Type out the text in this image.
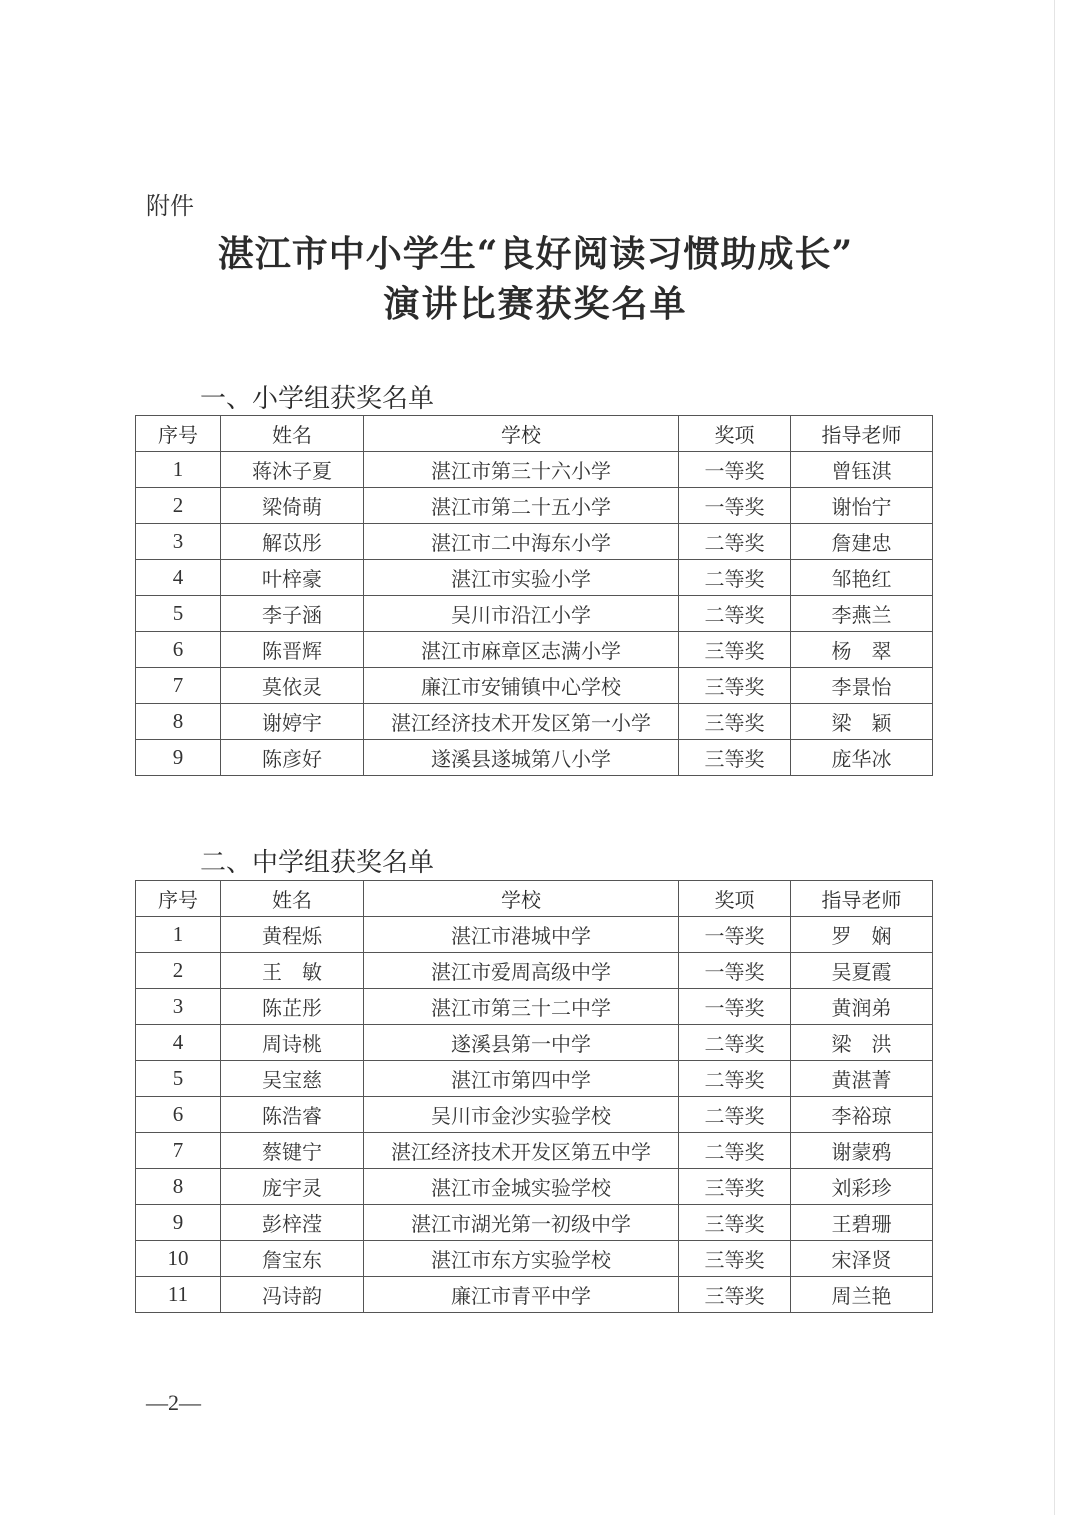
附件
湛江市中小学生“良好阅读习惯助成长”
演讲比赛获奖名单
一、小学组获奖名单
序号	姓名	学校	奖项	指导老师
1	蒋沐子夏	湛江市第三十六小学	一等奖	曾钰淇
2	梁倚萌	湛江市第二十五小学	一等奖	谢怡宁
3	解苡彤	湛江市二中海东小学	二等奖	詹建忠
4	叶梓豪	湛江市实验小学	二等奖	邹艳红
5	李子涵	吴川市沿江小学	二等奖	李燕兰
6	陈晋辉	湛江市麻章区志满小学	三等奖	杨　翠
7	莫依灵	廉江市安铺镇中心学校	三等奖	李景怡
8	谢婷宇	湛江经济技术开发区第一小学	三等奖	梁　颖
9	陈彦好	遂溪县遂城第八小学	三等奖	庞华冰
二、中学组获奖名单
序号	姓名	学校	奖项	指导老师
1	黄程烁	湛江市港城中学	一等奖	罗　娴
2	王　敏	湛江市爱周高级中学	一等奖	吴夏霞
3	陈芷彤	湛江市第三十二中学	一等奖	黄润弟
4	周诗桃	遂溪县第一中学	二等奖	梁　洪
5	吴宝慈	湛江市第四中学	二等奖	黄湛菁
6	陈浩睿	吴川市金沙实验学校	二等奖	李裕琼
7	蔡键宁	湛江经济技术开发区第五中学	二等奖	谢蒙鸦
8	庞宇灵	湛江市金城实验学校	三等奖	刘彩珍
9	彭梓滢	湛江市湖光第一初级中学	三等奖	王碧珊
10	詹宝东	湛江市东方实验学校	三等奖	宋泽贤
11	冯诗韵	廉江市青平中学	三等奖	周兰艳
—2—
